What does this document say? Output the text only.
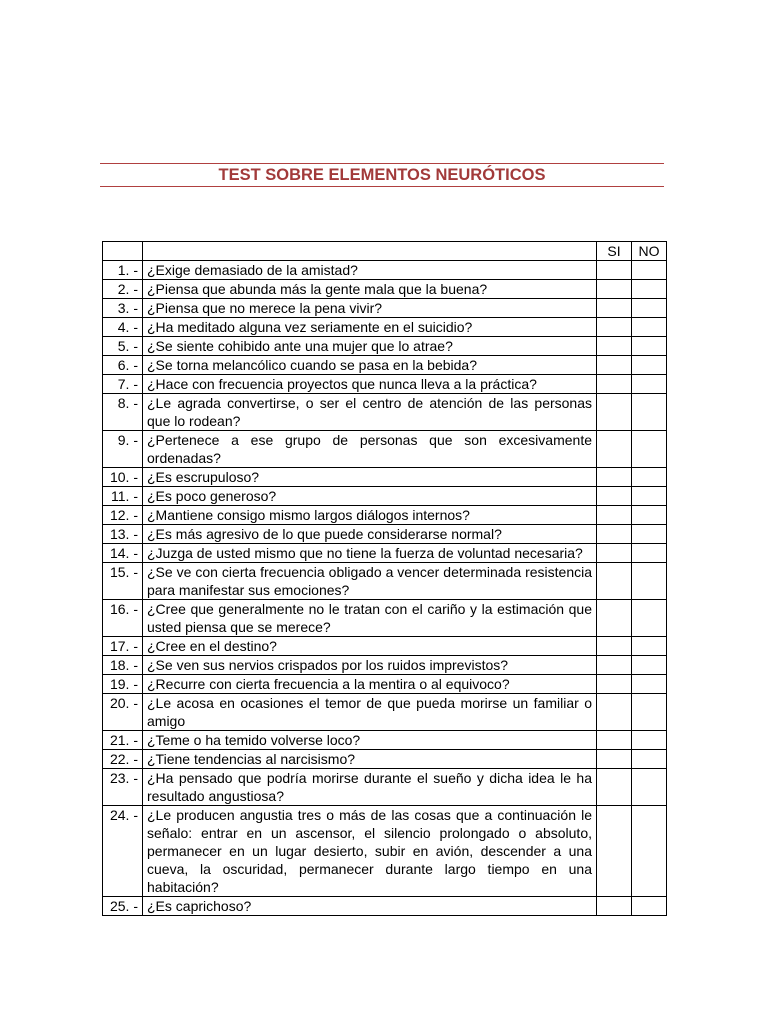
TEST SOBRE ELEMENTOS NEURÓTICOS
		SI	NO
1. -	¿Exige demasiado de la amistad?		
2. -	¿Piensa que abunda más la gente mala que la buena?		
3. -	¿Piensa que no merece la pena vivir?		
4. -	¿Ha meditado alguna vez seriamente en el suicidio?		
5. -	¿Se siente cohibido ante una mujer que lo atrae?		
6. -	¿Se torna melancólico cuando se pasa en la bebida?		
7. -	¿Hace con frecuencia proyectos que nunca lleva a la práctica?		
8. -	¿Le agrada convertirse, o ser el centro de atención de las personas que lo rodean?		
9. -	¿Pertenece a ese grupo de personas que son excesivamente ordenadas?		
10. -	¿Es escrupuloso?		
11. -	¿Es poco generoso?		
12. -	¿Mantiene consigo mismo largos diálogos internos?		
13. -	¿Es más agresivo de lo que puede considerarse normal?		
14. -	¿Juzga de usted mismo que no tiene la fuerza de voluntad necesaria?		
15. -	¿Se ve con cierta frecuencia obligado a vencer determinada resistencia para manifestar sus emociones?		
16. -	¿Cree que generalmente no le tratan con el cariño y la estimación que usted piensa que se merece?		
17. -	¿Cree en el destino?		
18. -	¿Se ven sus nervios crispados por los ruidos imprevistos?		
19. -	¿Recurre con cierta frecuencia a la mentira o al equivoco?		
20. -	¿Le acosa en ocasiones el temor de que pueda morirse un familiar o amigo		
21. -	¿Teme o ha temido volverse loco?		
22. -	¿Tiene tendencias al narcisismo?		
23. -	¿Ha pensado que podría morirse durante el sueño y dicha idea le ha resultado angustiosa?		
24. -	¿Le producen angustia tres o más de las cosas que a continuación le señalo: entrar en un ascensor, el silencio prolongado o absoluto, permanecer en un lugar desierto, subir en avión, descender a una cueva, la oscuridad, permanecer durante largo tiempo en una habitación?		
25. -	¿Es caprichoso?		
